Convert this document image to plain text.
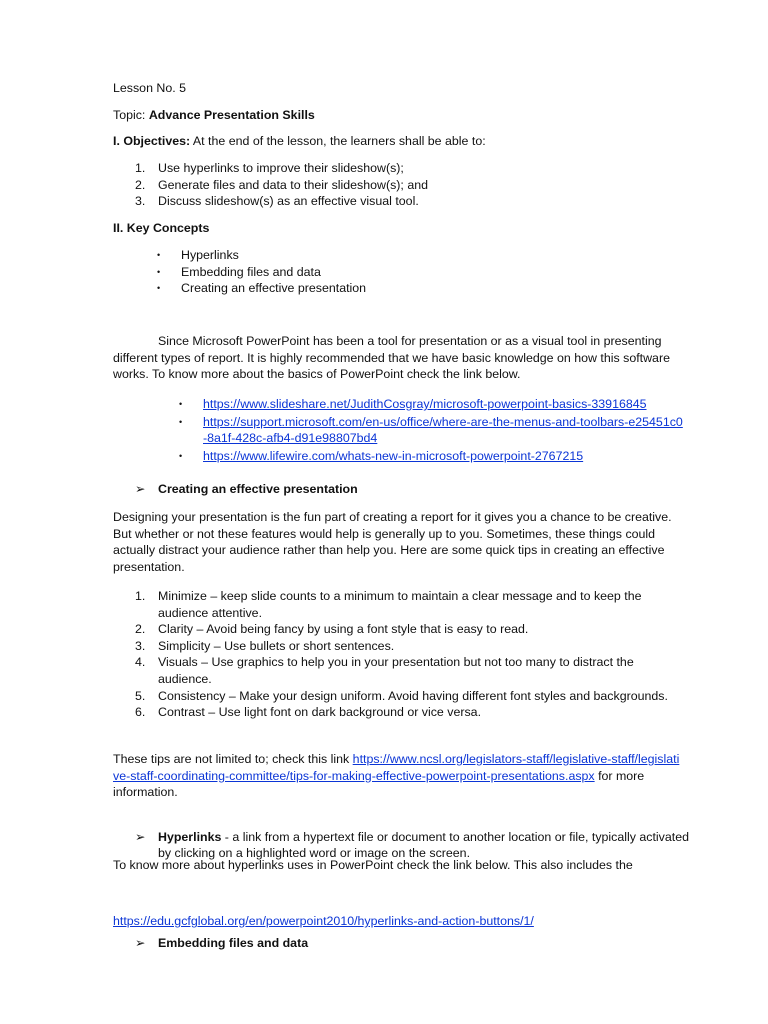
Lesson No. 5

Topic: Advance Presentation Skills

I. Objectives: At the end of the lesson, the learners shall be able to:

1.	Use hyperlinks to improve their slideshow(s);
2.	Generate files and data to their slideshow(s); and
3.	Discuss slideshow(s) as an effective visual tool.

II. Key Concepts

•	Hyperlinks
•	Embedding files and data
•	Creating an effective presentation

Since Microsoft PowerPoint has been a tool for presentation or as a visual tool in presenting different types of report. It is highly recommended that we have basic knowledge on how this software works. To know more about the basics of PowerPoint check the link below.

•	https://www.slideshare.net/JudithCosgray/microsoft-powerpoint-basics-33916845
•	https://support.microsoft.com/en-us/office/where-are-the-menus-and-toolbars-e25451c0-8a1f-428c-afb4-d91e98807bd4
•	https://www.lifewire.com/whats-new-in-microsoft-powerpoint-2767215

➢	Creating an effective presentation

Designing your presentation is the fun part of creating a report for it gives you a chance to be creative. But whether or not these features would help is generally up to you. Sometimes, these things could actually distract your audience rather than help you. Here are some quick tips in creating an effective presentation.

1.	Minimize – keep slide counts to a minimum to maintain a clear message and to keep the audience attentive.
2.	Clarity – Avoid being fancy by using a font style that is easy to read.
3.	Simplicity – Use bullets or short sentences.
4.	Visuals – Use graphics to help you in your presentation but not too many to distract the audience.
5.	Consistency – Make your design uniform. Avoid having different font styles and backgrounds.
6.	Contrast – Use light font on dark background or vice versa.

These tips are not limited to; check this link https://www.ncsl.org/legislators-staff/legislative-staff/legislative-staff-coordinating-committee/tips-for-making-effective-powerpoint-presentations.aspx for more information.

➢	Hyperlinks - a link from a hypertext file or document to another location or file, typically activated by clicking on a highlighted word or image on the screen.

To know more about hyperlinks uses in PowerPoint check the link below. This also includes the

➢	Embedding files and data

https://edu.gcfglobal.org/en/powerpoint2010/hyperlinks-and-action-buttons/1/
